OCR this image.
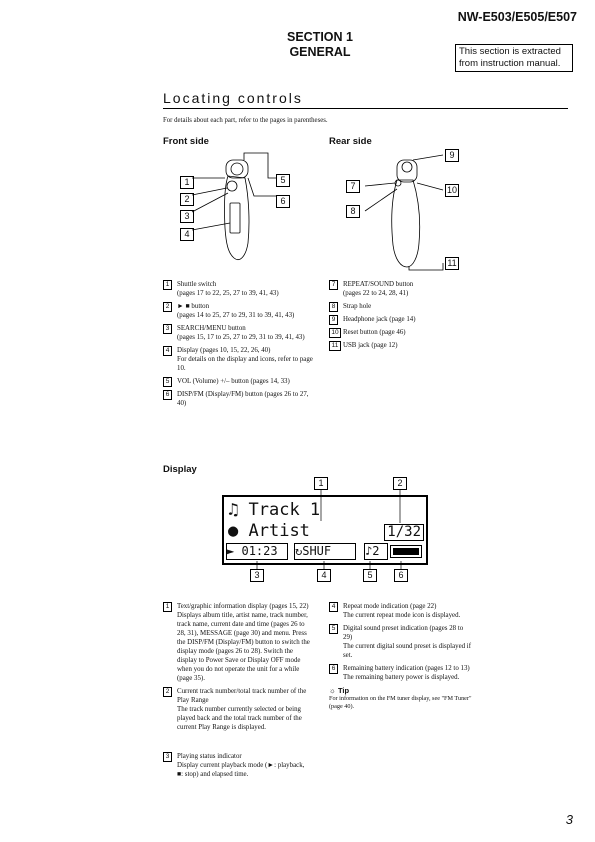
NW-E503/E505/E507
SECTION 1
GENERAL	This section is extracted from instruction manual.
Locating controls
For details about each part, refer to the pages in parentheses.
Front side
1
2
3
4
5
6
Rear side
9
7	10
8
11
1	Shuttle switch
(pages 17 to 22, 25, 27 to 39, 41, 43)
2	► ■ button
(pages 14 to 25, 27 to 29, 31 to 39, 41, 43)
3	SEARCH/MENU button
(pages 15, 17 to 25, 27 to 29, 31 to 39, 41, 43)
4	Display (pages 10, 15, 22, 26, 40)
For details on the display and icons, refer to page 10.
5	VOL (Volume) +/– button (pages 14, 33)
6	DISP/FM (Display/FM) button (pages 26 to 27, 40)
7	REPEAT/SOUND button
(pages 22 to 24, 28, 41)
8	Strap hole
9	Headphone jack (page 14)
10 Reset button (page 46)
11 USB jack (page 12)
Display
1	2
♫ Track 1
● Artist	1/32
► 01:23	↻SHUF	♪2
3	4	5	6
1	Text/graphic information display (pages 15, 22)
Displays album title, artist name, track number, track name, current date and time (pages 26 to 28, 31), MESSAGE (page 30) and menu. Press the DISP/FM (Display/FM) button to switch the display mode (pages 26 to 28). Switch the display to Power Save or Display OFF mode when you do not operate the unit for a while (page 35).
2	Current track number/total track number of the Play Range
The track number currently selected or being played back and the total track number of the current Play Range is displayed.
3	Playing status indicator
Display current playback mode (►: playback, ■: stop) and elapsed time.
4	Repeat mode indication (page 22)
The current repeat mode icon is displayed.
5	Digital sound preset indication (pages 28 to 29)
The current digital sound preset is displayed if set.
6	Remaining battery indication (pages 12 to 13)
The remaining battery power is displayed.
☼ Tip
For information on the FM tuner display, see "FM Tuner" (page 40).
3
